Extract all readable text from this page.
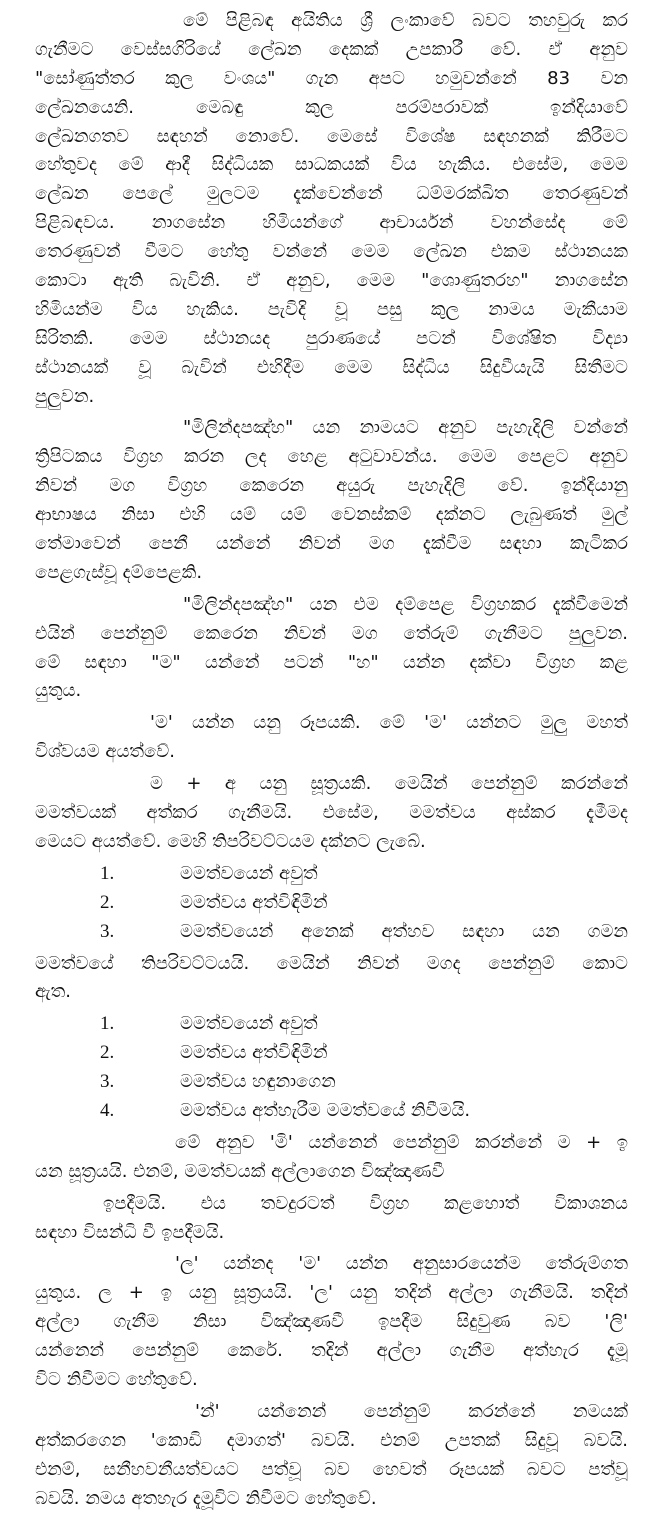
මේ පිළිබඳ අයිතිය ශ්‍රී ලංකාවේ බවට තහවුරු කර
ගැනීමට වෙස්සගිරියේ ලේඛන දෙකක් උපකාරී වේ. ඒ අනුව
"සෝණුත්තර කුල වංශය" ගැන අපට හමුවන්නේ 83 වන
ලේඛනයෙනි. මෙබඳු කුල පරම්පරාවක් ඉන්දියාවේ
ලේඛනගතව සඳහන් නොවේ. මෙසේ විශේෂ සඳහනක් කිරීමට
හේතුවද මේ ආදී සිද්ධියක සාධකයක් විය හැකිය. එසේම, මෙම
ලේඛන පෙලේ මුලටම දැක්වෙන්නේ ධම්මරක්ඛිත තෙරණුවන්
පිළිබඳවය. නාගසේන හිමියන්ගේ ආචාර්යන් වහන්සේද මේ
තෙරණුවන් වීමට හේතු වන්නේ මෙම ලේඛන එකම ස්ථානයක
කොටා ඇති බැවිනි. ඒ අනුව, මෙම "ශොණුතරහ" නාගසේන
හිමියන්ම විය හැකිය. පැවිදි වූ පසු කුල නාමය මැකීයාම
සිරිතකි. මෙම ස්ථානයද පුරාණයේ පටන් විශේෂිත විද්‍යා
ස්ථානයක් වූ බැවින් එහිදීම මෙම සිද්ධිය සිදුවීයැයි සිතීමට
පුලුවන.
"මිලින්දපඤ්හ" යන නාමයට අනුව පැහැදිලි වන්නේ
ත්‍රිපිටකය විග්‍රහ කරන ලද හෙළ අටුවාවන්ය. මෙම පෙළට අනුව
නිවන් මග විග්‍රහ කෙරෙන අයුරු පැහැදිලි වේ. ඉන්දියානු
ආභාෂය නිසා එහි යම් යම් වෙනස්කම් දක්නට ලැබුණත් මුල්
තේමාවෙන් පෙනී යන්නේ නිවන් මග දැක්වීම සඳහා කැටිකර
පෙළගැස්වූ දම්පෙළකි.
"මිලින්දපඤ්හ" යන එම දම්පෙළ විග්‍රහකර දැක්වීමෙන්
එයින් පෙන්නුම් කෙරෙන නිවන් මග තේරුම් ගැනීමට පුලුවන.
මේ සඳහා "ම" යන්නේ පටන් "හ" යන්න දක්වා විග්‍රහ කළ
යුතුය.
'ම' යන්න යනු රූපයකි. මේ 'ම' යන්නට මුලු මහත්
විශ්වයම අයත්වේ.
ම + අ යනු සූත්‍රයකි. මෙයින් පෙන්නුම් කරන්නේ
මමත්වයක් අත්කර ගැනීමයි. එසේම, මමත්වය අස්කර දැමීමද
මෙයට අයත්වේ. මෙහි තිපරිවට්ටයම දක්නට ලැබේ.
1.	මමත්වයෙන් අවුත්
2.	මමත්වය අත්විඳිමින්
3.	මමත්වයෙන් අනෙක් අත්හව සඳහා යන ගමන
මමත්වයේ තිපරිවට්ටයයි. මෙයින් නිවන් මගද පෙන්නුම් කොට
ඇත.
1.	මමත්වයෙන් අවුත්
2.	මමත්වය අත්විඳිමින්
3.	මමත්වය හඳුනාගෙන
4.	මමත්වය අත්හැරීම මමත්වයේ නිවීමයි.
මේ අනුව 'මි' යන්නෙන් පෙන්නුම් කරන්නේ ම + ඉ
යන සූත්‍රයයි. එනම්, මමත්වයක් අල්ලාගෙන විඤ්ඤාණවී
ඉපදීමයි. එය තවදුරටත් විග්‍රහ කළහොත් විකාශනය
සඳහා විසන්ධි වී ඉපදීමයි.
'ල' යන්නද 'ම' යන්න අනුසාරයෙන්ම තේරුම්ගත
යුතුය. ල + ඉ යනු සූත්‍රයයි. 'ල' යනු තදින් අල්ලා ගැනීමයි. තදින්
අල්ලා ගැනීම නිසා විඤ්ඤාණවී ඉපදීම සිදුවුණ බව 'ලි'
යන්නෙන් පෙන්නුම් කෙරේ. තදින් අල්ලා ගැනීම අත්හැර දැමූ
විට නිවීමට හේතුවේ.
'න්' යන්නෙන් පෙන්නුම් කරන්නේ නමයක්
අත්කරගෙන 'කොඩි දමාගත්' බවයි. එනම් උපතක් සිදුවූ බවයි.
එනම්, සනීහවනීයත්වයට පත්වූ බව හෙවත් රූපයක් බවට පත්වූ
බවයි. නමය අතහැර දැමූවිට නිවීමට හේතුවේ.
